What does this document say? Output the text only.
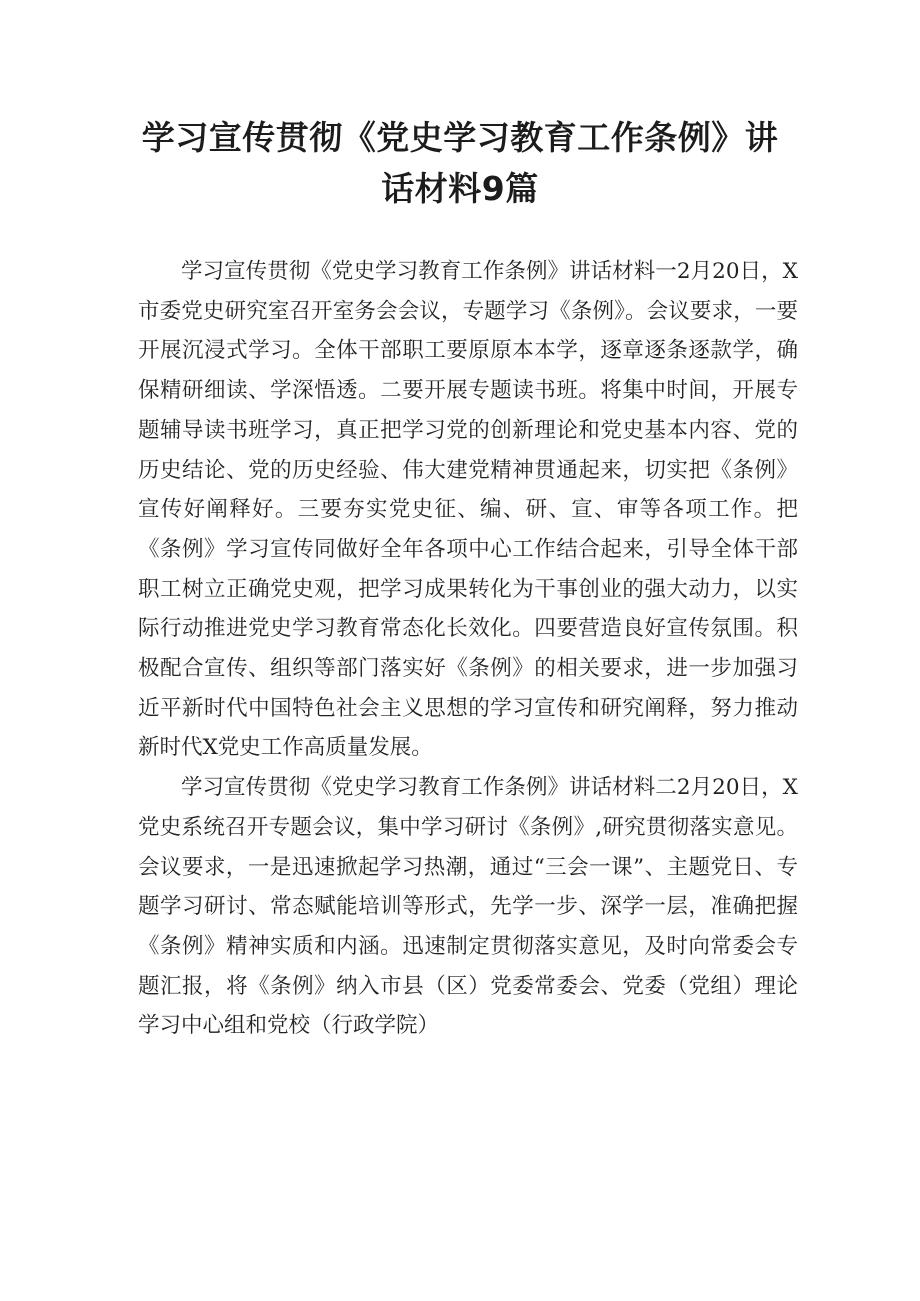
学习宣传贯彻《党史学习教育工作条例》讲
话材料9篇

学习宣传贯彻《党史学习教育工作条例》讲话材料一2月20日，X市委党史研究室召开室务会会议，专题学习《条例》。会议要求，一要开展沉浸式学习。全体干部职工要原原本本学，逐章逐条逐款学，确保精研细读、学深悟透。二要开展专题读书班。将集中时间，开展专题辅导读书班学习，真正把学习党的创新理论和党史基本内容、党的历史结论、党的历史经验、伟大建党精神贯通起来，切实把《条例》宣传好阐释好。三要夯实党史征、编、研、宣、审等各项工作。把《条例》学习宣传同做好全年各项中心工作结合起来，引导全体干部职工树立正确党史观，把学习成果转化为干事创业的强大动力，以实际行动推进党史学习教育常态化长效化。四要营造良好宣传氛围。积极配合宣传、组织等部门落实好《条例》的相关要求，进一步加强习近平新时代中国特色社会主义思想的学习宣传和研究阐释，努力推动新时代X党史工作高质量发展。

学习宣传贯彻《党史学习教育工作条例》讲话材料二2月20日，X党史系统召开专题会议，集中学习研讨《条例》,研究贯彻落实意见。会议要求，一是迅速掀起学习热潮，通过“三会一课”、主题党日、专题学习研讨、常态赋能培训等形式，先学一步、深学一层，准确把握《条例》精神实质和内涵。迅速制定贯彻落实意见，及时向常委会专题汇报，将《条例》纳入市县（区）党委常委会、党委（党组）理论学习中心组和党校（行政学院）
